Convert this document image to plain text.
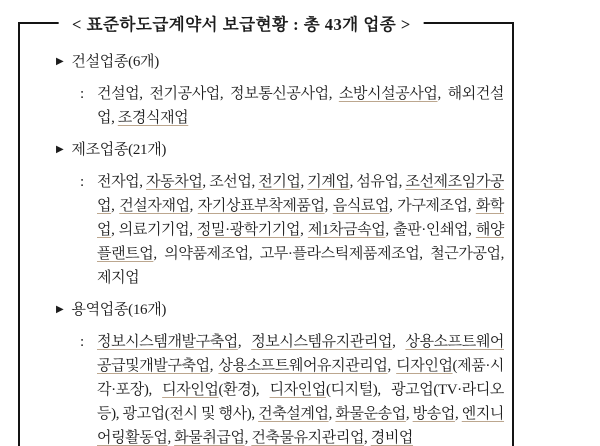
< 표준하도급계약서 보급현황 : 총 43개 업종 >
▶ 건설업종(6개)
: 건설업, 전기공사업, 정보통신공사업, 소방시설공사업, 해외건설업, 조경식재업

▶ 제조업종(21개)
: 전자업, 자동차업, 조선업, 전기업, 기계업, 섬유업, 조선제조임가공업, 건설자재업, 자기상표부착제품업, 음식료업, 가구제조업, 화학업, 의료기기업, 정밀·광학기기업, 제1차금속업, 출판·인쇄업, 해양플랜트업, 의약품제조업, 고무·플라스틱제품제조업, 철근가공업, 제지업

▶ 용역업종(16개)
: 정보시스템개발구축업, 정보시스템유지관리업, 상용소프트웨어공급및개발구축업, 상용소프트웨어유지관리업, 디자인업(제품·시각·포장), 디자인업(환경), 디자인업(디지털), 광고업(TV·라디오 등), 광고업(전시 및 행사), 건축설계업, 화물운송업, 방송업, 엔지니어링활동업, 화물취급업, 건축물유지관리업, 경비업
